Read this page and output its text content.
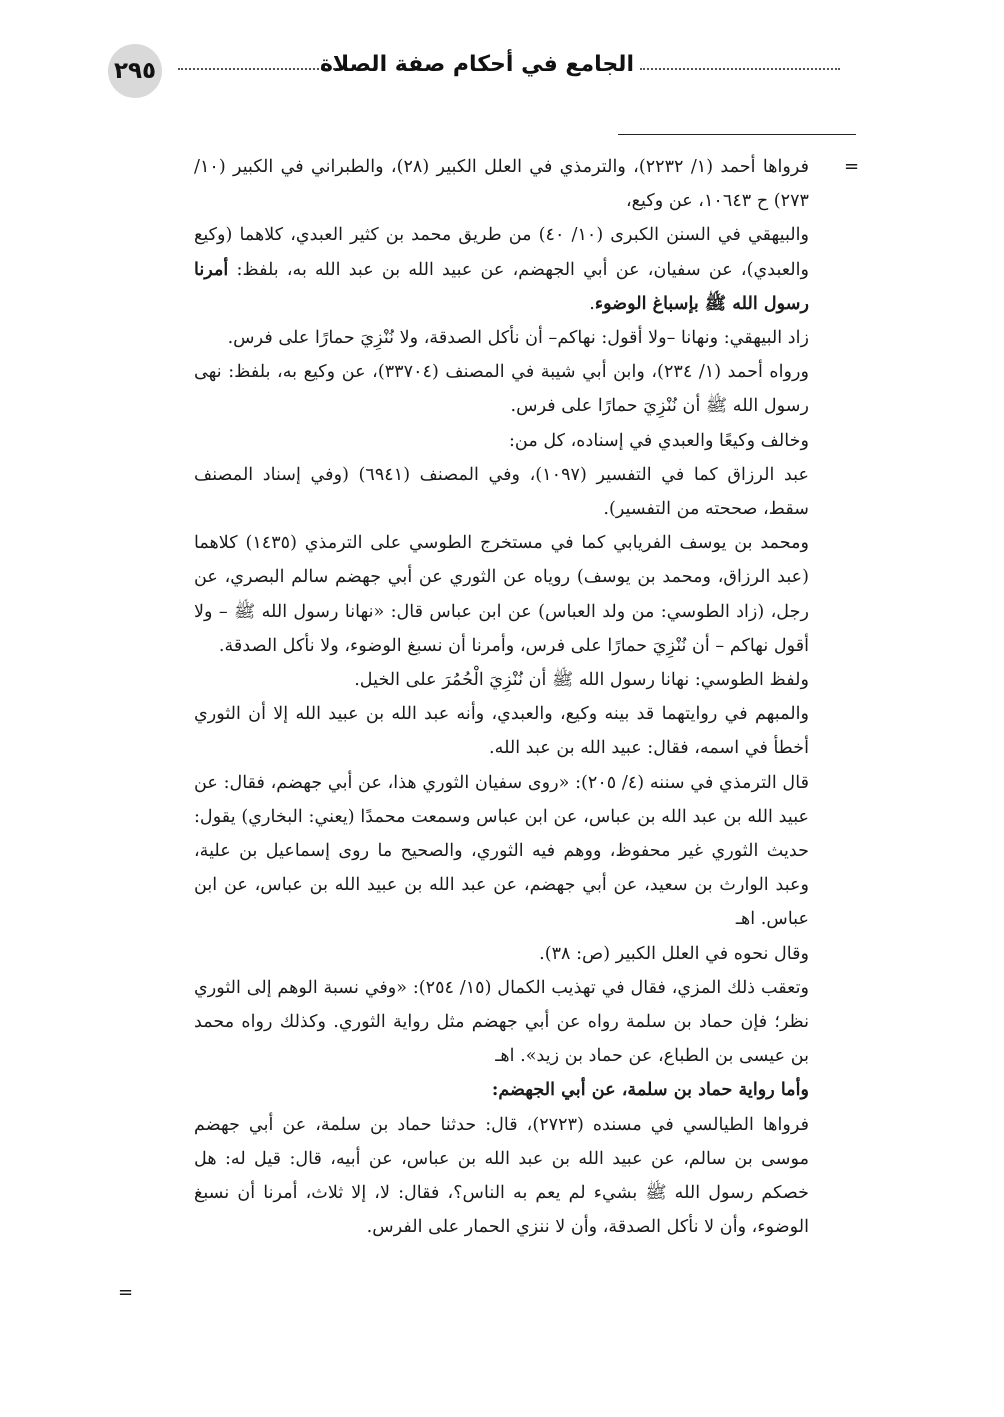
٢٩٥	الجامع في أحكام صفة الصلاة
=

فرواها أحمد (١/ ٢٢٣٢)، والترمذي في العلل الكبير (٢٨)، والطبراني في الكبير (١٠/ ٢٧٣) ح ١٠٦٤٣، عن وكيع،

والبيهقي في السنن الكبرى (١٠/ ٤٠) من طريق محمد بن كثير العبدي، كلاهما (وكيع والعبدي)، عن سفيان، عن أبي الجهضم، عن عبيد الله بن عبد الله به، بلفظ: أمرنا رسول الله ﷺ بإسباغ الوضوء.

زاد البيهقي: ونهانا –ولا أقول: نهاكم– أن نأكل الصدقة، ولا نُنْزِيَ حمارًا على فرس.

ورواه أحمد (١/ ٢٣٤)، وابن أبي شيبة في المصنف (٣٣٧٠٤)، عن وكيع به، بلفظ: نهى رسول الله ﷺ أن نُنْزِيَ حمارًا على فرس.

وخالف وكيعًا والعبدي في إسناده، كل من:

عبد الرزاق كما في التفسير (١٠٩٧)، وفي المصنف (٦٩٤١) (وفي إسناد المصنف سقط، صححته من التفسير).

ومحمد بن يوسف الفريابي كما في مستخرج الطوسي على الترمذي (١٤٣٥) كلاهما (عبد الرزاق، ومحمد بن يوسف) روياه عن الثوري عن أبي جهضم سالم البصري، عن رجل، (زاد الطوسي: من ولد العباس) عن ابن عباس قال: «نهانا رسول الله ﷺ – ولا أقول نهاكم – أن نُنْزِيَ حمارًا على فرس، وأمرنا أن نسبغ الوضوء، ولا نأكل الصدقة.

ولفظ الطوسي: نهانا رسول الله ﷺ أن نُنْزِيَ الْحُمُرَ على الخيل.

والمبهم في روايتهما قد بينه وكيع، والعبدي، وأنه عبد الله بن عبيد الله إلا أن الثوري أخطأ في اسمه، فقال: عبيد الله بن عبد الله.

قال الترمذي في سننه (٤/ ٢٠٥): «روى سفيان الثوري هذا، عن أبي جهضم، فقال: عن عبيد الله بن عبد الله بن عباس، عن ابن عباس وسمعت محمدًا (يعني: البخاري) يقول: حديث الثوري غير محفوظ، ووهم فيه الثوري، والصحيح ما روى إسماعيل بن علية، وعبد الوارث بن سعيد، عن أبي جهضم، عن عبد الله بن عبيد الله بن عباس، عن ابن عباس. اهـ

وقال نحوه في العلل الكبير (ص: ٣٨).

وتعقب ذلك المزي، فقال في تهذيب الكمال (١٥/ ٢٥٤): «وفي نسبة الوهم إلى الثوري نظر؛ فإن حماد بن سلمة رواه عن أبي جهضم مثل رواية الثوري. وكذلك رواه محمد بن عيسى بن الطباع، عن حماد بن زيد». اهـ

وأما رواية حماد بن سلمة، عن أبي الجهضم:

فرواها الطيالسي في مسنده (٢٧٢٣)، قال: حدثنا حماد بن سلمة، عن أبي جهضم موسى بن سالم، عن عبيد الله بن عبد الله بن عباس، عن أبيه، قال: قيل له: هل خصكم رسول الله ﷺ بشيء لم يعم به الناس؟، فقال: لا، إلا ثلاث، أمرنا أن نسبغ الوضوء، وأن لا نأكل الصدقة، وأن لا ننزي الحمار على الفرس.

=
